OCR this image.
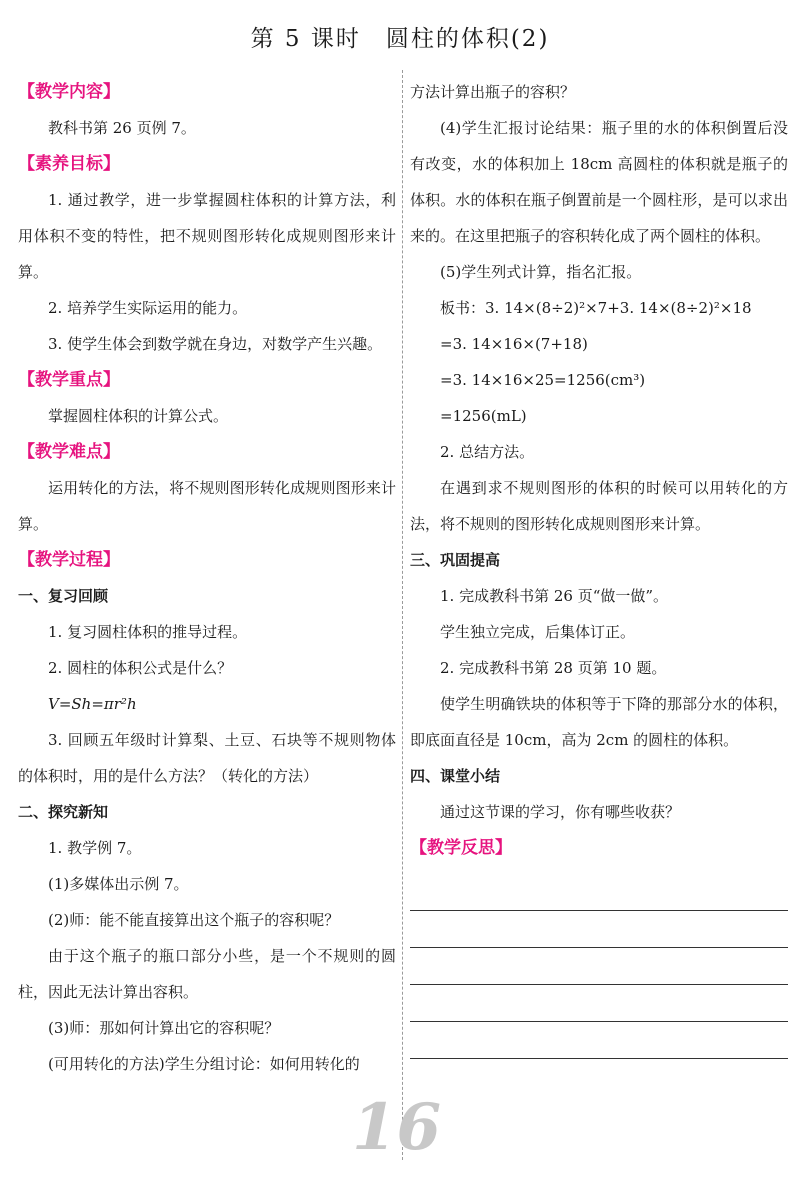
第 5 课时　圆柱的体积(2)
【教学内容】

教科书第 26 页例 7。

【素养目标】

1. 通过教学，进一步掌握圆柱体积的计算方法，利用体积不变的特性，把不规则图形转化成规则图形来计算。

2. 培养学生实际运用的能力。

3. 使学生体会到数学就在身边，对数学产生兴趣。

【教学重点】

掌握圆柱体积的计算公式。

【教学难点】

运用转化的方法，将不规则图形转化成规则图形来计算。

【教学过程】
一、复习回顾

1. 复习圆柱体积的推导过程。

2. 圆柱的体积公式是什么？

V=Sh=πr²h

3. 回顾五年级时计算梨、土豆、石块等不规则物体的体积时，用的是什么方法？（转化的方法）

二、探究新知

1. 教学例 7。

(1)多媒体出示例 7。

(2)师：能不能直接算出这个瓶子的容积呢？

由于这个瓶子的瓶口部分小些，是一个不规则的圆柱，因此无法计算出容积。

(3)师：那如何计算出它的容积呢？

(可用转化的方法)学生分组讨论：如何用转化的

方法计算出瓶子的容积？

(4)学生汇报讨论结果：瓶子里的水的体积倒置后没有改变，水的体积加上 18cm 高圆柱的体积就是瓶子的体积。水的体积在瓶子倒置前是一个圆柱形，是可以求出来的。在这里把瓶子的容积转化成了两个圆柱的体积。

(5)学生列式计算，指名汇报。

板书：3. 14×(8÷2)²×7+3. 14×(8÷2)²×18

=3. 14×16×(7+18)

=3. 14×16×25=1256(cm³)

=1256(mL)

2. 总结方法。

在遇到求不规则图形的体积的时候可以用转化的方法，将不规则的图形转化成规则图形来计算。

三、巩固提高

1. 完成教科书第 26 页“做一做”。

学生独立完成，后集体订正。

2. 完成教科书第 28 页第 10 题。

使学生明确铁块的体积等于下降的那部分水的体积，即底面直径是 10cm，高为 2cm 的圆柱的体积。

四、课堂小结

通过这节课的学习，你有哪些收获？

【教学反思】
16
